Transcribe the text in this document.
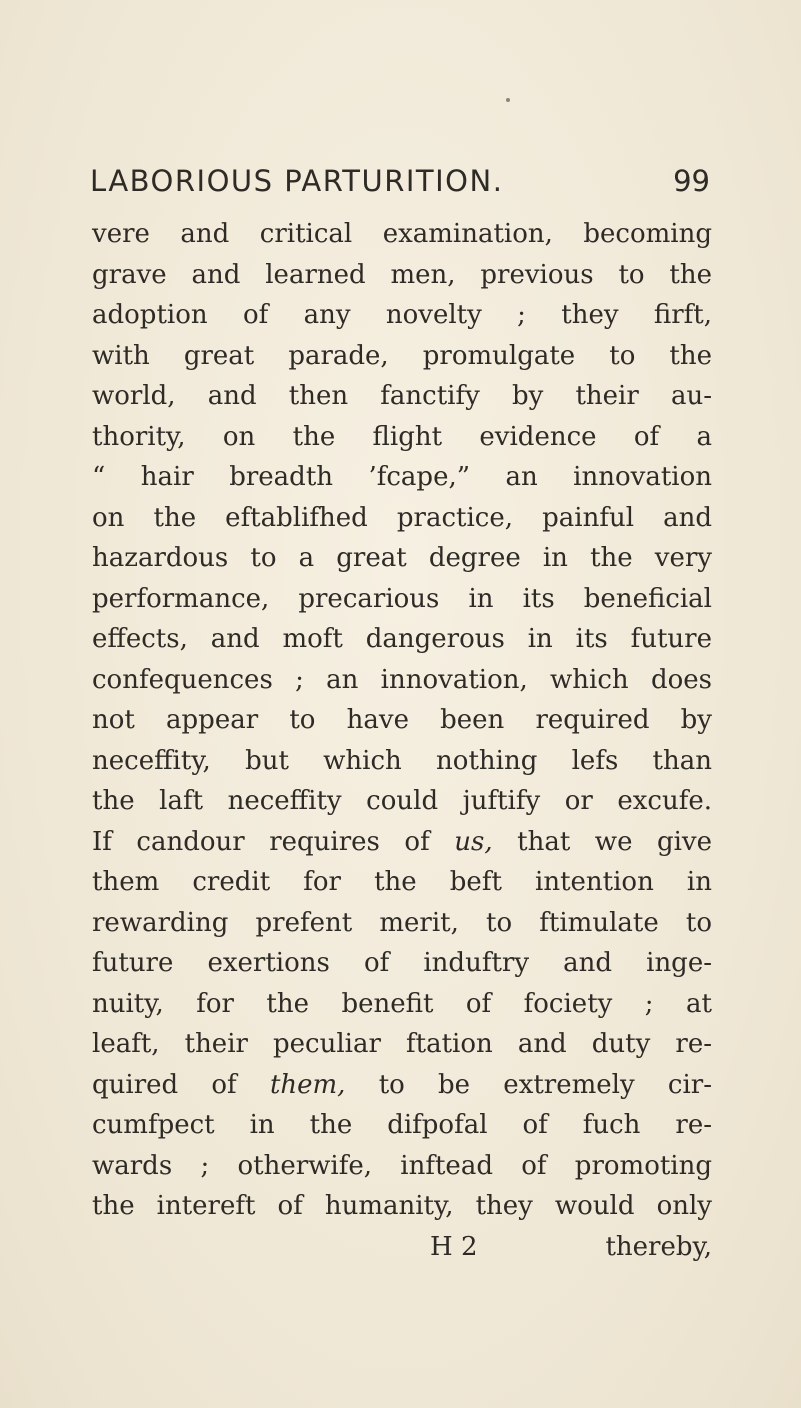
LABORIOUS PARTURITION.	99
vere and critical examination, becoming
grave and learned men, previous to the
adoption of any novelty ; they firft,
with great parade, promulgate to the
world, and then fanctify by their au-
thority, on the flight evidence of a
“ hair breadth ’fcape,” an innovation
on the eftablifhed practice, painful and
hazardous to a great degree in the very
performance, precarious in its beneficial
effects, and moft dangerous in its future
confequences ; an innovation, which does
not appear to have been required by
neceffity, but which nothing lefs than
the laft neceffity could juftify or excufe.
If candour requires of us, that we give
them credit for the beft intention in
rewarding prefent merit, to ftimulate to
future exertions of induftry and inge-
nuity, for the benefit of fociety ; at
leaft, their peculiar ftation and duty re-
quired of them, to be extremely cir-
cumfpect in the difpofal of fuch re-
wards ; otherwife, inftead of promoting
the intereft of humanity, they would only
H 2	thereby,
